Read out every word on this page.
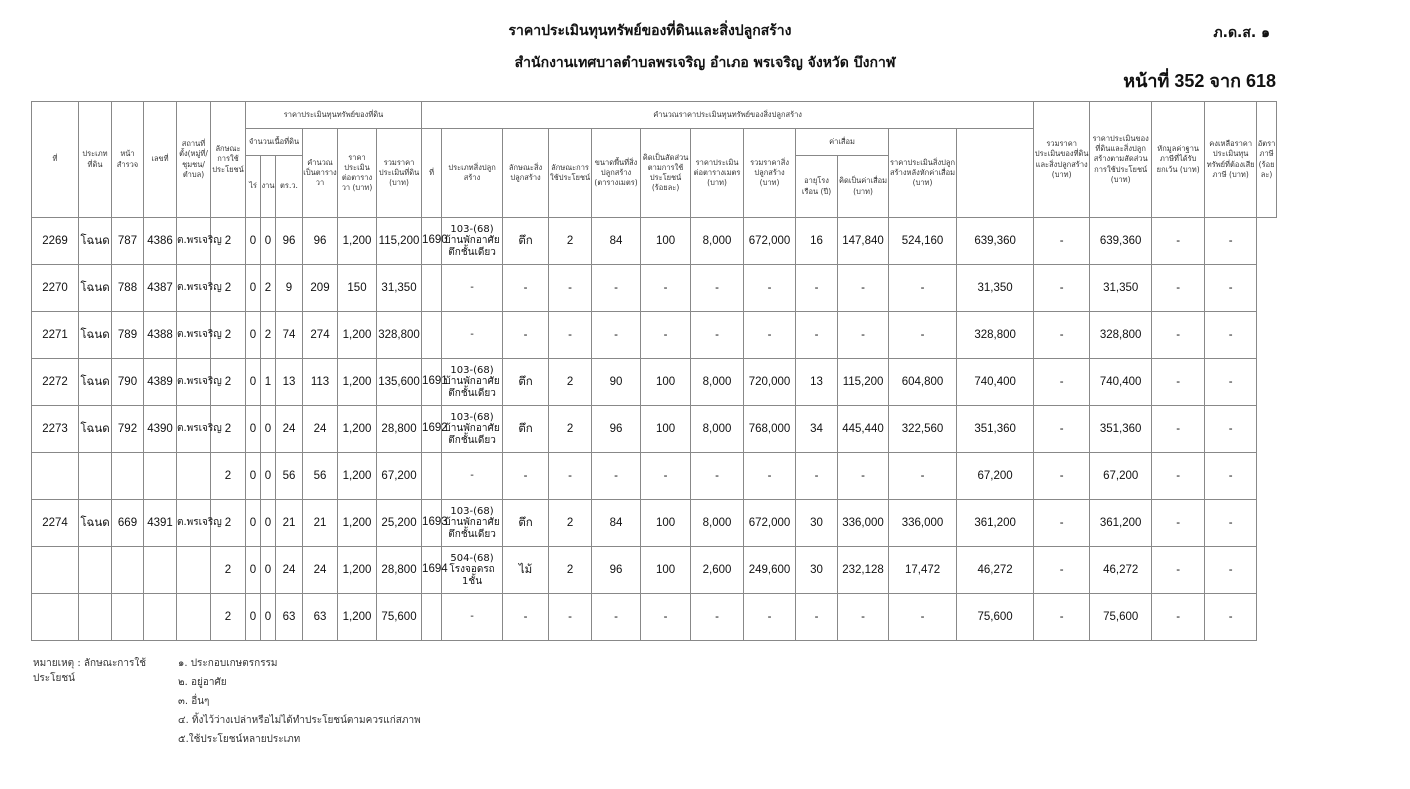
ราคาประเมินทุนทรัพย์ของที่ดินและสิ่งปลูกสร้าง	ภ.ด.ส. ๑
สำนักงานเทศบาลตำบลพรเจริญ อำเภอ พรเจริญ จังหวัด บึงกาฬ
หน้าที่ 352 จาก 618
ที่	ประเภทที่ดิน	หน้าสำรวจ	เลขที่	สถานที่ตั้ง(หมู่ที่/ชุมชน/ตำบล)	ลักษณะการใช้ประโยชน์	ราคาประเมินทุนทรัพย์ของที่ดิน						คำนวณราคาประเมินทุนทรัพย์ของสิ่งปลูกสร้าง												รวมราคาประเมินของที่ดินและสิ่งปลูกสร้าง (บาท)	ราคาประเมินของที่ดินและสิ่งปลูกสร้างตามสัดส่วนการใช้ประโยชน์ (บาท)	หักมูลค่าฐานภาษีที่ได้รับยกเว้น (บาท)	คงเหลือราคาประเมินทุนทรัพย์ที่ต้องเสียภาษี (บาท)	อัตราภาษี (ร้อยละ)
						จำนวนเนื้อที่ดิน			คำนวณเป็นตารางวา	ราคาประเมินต่อตารางวา (บาท)	รวมราคาประเมินที่ดิน (บาท)	ที่	ประเภทสิ่งปลูกสร้าง	ลักษณะสิ่งปลูกสร้าง	ลักษณะการใช้ประโยชน์	ขนาดพื้นที่สิ่งปลูกสร้าง (ตารางเมตร)	คิดเป็นสัดส่วนตามการใช้ประโยชน์ (ร้อยละ)	ราคาประเมินต่อตารางเมตร (บาท)	รวมราคาสิ่งปลูกสร้าง (บาท)	ค่าเสื่อม		ราคาประเมินสิ่งปลูกสร้างหลังหักค่าเสื่อม (บาท)						
						ไร่	งาน	ตร.ว.												อายุโรงเรือน (ปี)	คิดเป็นค่าเสื่อม (บาท)							
2269	โฉนด	787	4386	ต.พรเจริญ	2	0	0	96	96	1,200	115,200	1690	103-(68) บ้านพักอาศัยตึกชั้นเดียว	ตึก	2	84	100	8,000	672,000	16	147,840	524,160	639,360	-	639,360	-	-	
2270	โฉนด	788	4387	ต.พรเจริญ	2	0	2	9	209	150	31,350		-	-	-	-	-	-	-	-	-	-	31,350	-	31,350	-	-	
2271	โฉนด	789	4388	ต.พรเจริญ	2	0	2	74	274	1,200	328,800		-	-	-	-	-	-	-	-	-	-	328,800	-	328,800	-	-	
2272	โฉนด	790	4389	ต.พรเจริญ	2	0	1	13	113	1,200	135,600	1691	103-(68) บ้านพักอาศัยตึกชั้นเดียว	ตึก	2	90	100	8,000	720,000	13	115,200	604,800	740,400	-	740,400	-	-	
2273	โฉนด	792	4390	ต.พรเจริญ	2	0	0	24	24	1,200	28,800	1692	103-(68) บ้านพักอาศัยตึกชั้นเดียว	ตึก	2	96	100	8,000	768,000	34	445,440	322,560	351,360	-	351,360	-	-	
					2	0	0	56	56	1,200	67,200		-	-	-	-	-	-	-	-	-	-	67,200	-	67,200	-	-	
2274	โฉนด	669	4391	ต.พรเจริญ	2	0	0	21	21	1,200	25,200	1693	103-(68) บ้านพักอาศัยตึกชั้นเดียว	ตึก	2	84	100	8,000	672,000	30	336,000	336,000	361,200	-	361,200	-	-	
					2	0	0	24	24	1,200	28,800	1694	504-(68) โรงจอดรถ 1ชั้น	ไม้	2	96	100	2,600	249,600	30	232,128	17,472	46,272	-	46,272	-	-	
					2	0	0	63	63	1,200	75,600		-	-	-	-	-	-	-	-	-	-	75,600	-	75,600	-	-	
หมายเหตุ : ลักษณะการใช้ประโยชน์
๑. ประกอบเกษตรกรรม
๒. อยู่อาศัย
๓. อื่นๆ
๔. ทิ้งไว้ว่างเปล่าหรือไม่ได้ทำประโยชน์ตามควรแก่สภาพ
๕.ใช้ประโยชน์หลายประเภท
